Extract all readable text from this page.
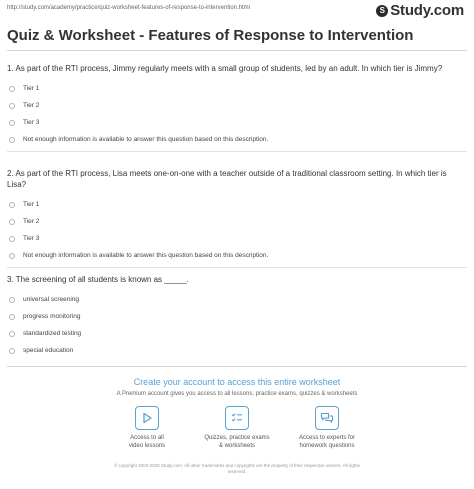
http://study.com/academy/practice/quiz-worksheet-features-of-response-to-intervention.html	S Study.com
Quiz & Worksheet - Features of Response to Intervention
1. As part of the RTI process, Jimmy regularly meets with a small group of students, led by an adult. In which tier is Jimmy?
Tier 1
Tier 2
Tier 3
Not enough information is available to answer this question based on this description.
2. As part of the RTI process, Lisa meets one-on-one with a teacher outside of a traditional classroom setting. In which tier is Lisa?
Tier 1
Tier 2
Tier 3
Not enough information is available to answer this question based on this description.
3. The screening of all students is known as _____.
universal screening
progress monitoring
standardized testing
special education
Create your account to access this entire worksheet
A Premium account gives you access to all lessons, practice exams, quizzes & worksheets
Access to all
video lessons
Quizzes, practice exams
& worksheets
Access to experts for
homework questions
© copyright 2003-2020 Study.com. All other trademarks and copyrights are the property of their respective owners. All rights
reserved.
